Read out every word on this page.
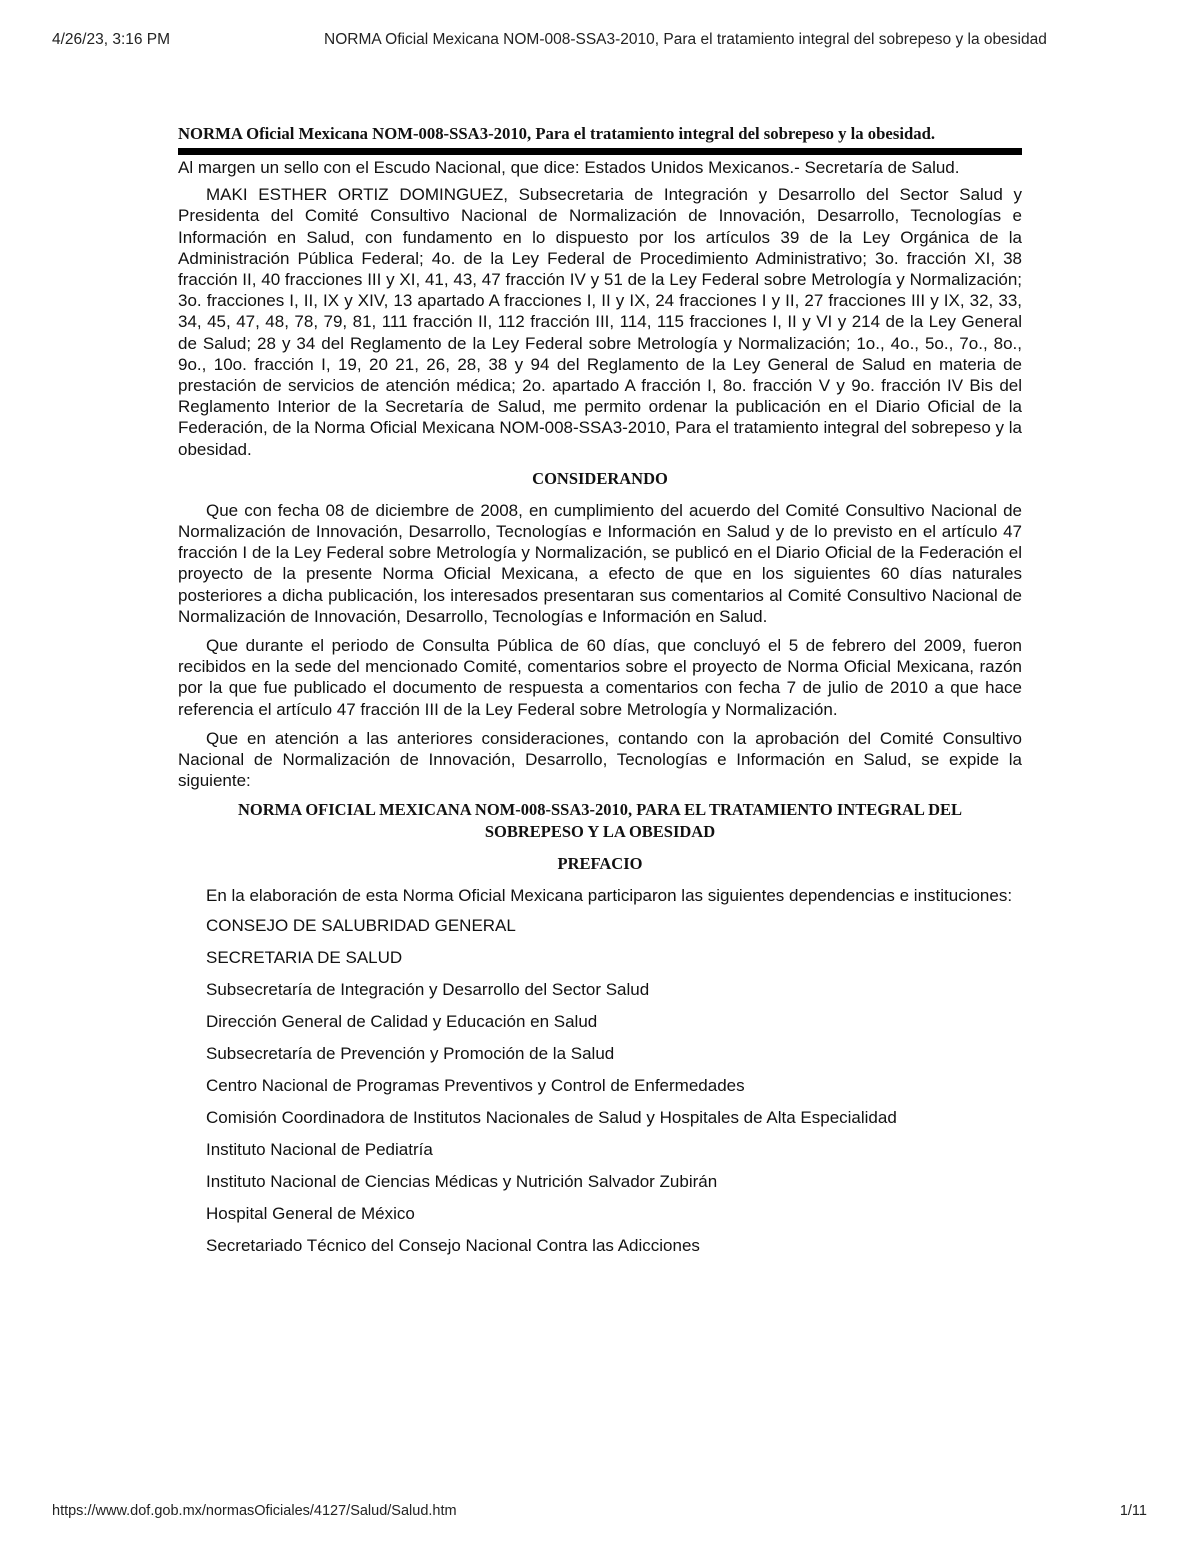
4/26/23, 3:16 PM	NORMA Oficial Mexicana NOM-008-SSA3-2010, Para el tratamiento integral del sobrepeso y la obesidad
NORMA Oficial Mexicana NOM-008-SSA3-2010, Para el tratamiento integral del sobrepeso y la obesidad.

Al margen un sello con el Escudo Nacional, que dice: Estados Unidos Mexicanos.- Secretaría de Salud.

MAKI ESTHER ORTIZ DOMINGUEZ, Subsecretaria de Integración y Desarrollo del Sector Salud y Presidenta del Comité Consultivo Nacional de Normalización de Innovación, Desarrollo, Tecnologías e Información en Salud, con fundamento en lo dispuesto por los artículos 39 de la Ley Orgánica de la Administración Pública Federal; 4o. de la Ley Federal de Procedimiento Administrativo; 3o. fracción XI, 38 fracción II, 40 fracciones III y XI, 41, 43, 47 fracción IV y 51 de la Ley Federal sobre Metrología y Normalización; 3o. fracciones I, II, IX y XIV, 13 apartado A fracciones I, II y IX, 24 fracciones I y II, 27 fracciones III y IX, 32, 33, 34, 45, 47, 48, 78, 79, 81, 111 fracción II, 112 fracción III, 114, 115 fracciones I, II y VI y 214 de la Ley General de Salud; 28 y 34 del Reglamento de la Ley Federal sobre Metrología y Normalización; 1o., 4o., 5o., 7o., 8o., 9o., 10o. fracción I, 19, 20 21, 26, 28, 38 y 94 del Reglamento de la Ley General de Salud en materia de prestación de servicios de atención médica; 2o. apartado A fracción I, 8o. fracción V y 9o. fracción IV Bis del Reglamento Interior de la Secretaría de Salud, me permito ordenar la publicación en el Diario Oficial de la Federación, de la Norma Oficial Mexicana NOM-008-SSA3-2010, Para el tratamiento integral del sobrepeso y la obesidad.

CONSIDERANDO

Que con fecha 08 de diciembre de 2008, en cumplimiento del acuerdo del Comité Consultivo Nacional de Normalización de Innovación, Desarrollo, Tecnologías e Información en Salud y de lo previsto en el artículo 47 fracción I de la Ley Federal sobre Metrología y Normalización, se publicó en el Diario Oficial de la Federación el proyecto de la presente Norma Oficial Mexicana, a efecto de que en los siguientes 60 días naturales posteriores a dicha publicación, los interesados presentaran sus comentarios al Comité Consultivo Nacional de Normalización de Innovación, Desarrollo, Tecnologías e Información en Salud.

Que durante el periodo de Consulta Pública de 60 días, que concluyó el 5 de febrero del 2009, fueron recibidos en la sede del mencionado Comité, comentarios sobre el proyecto de Norma Oficial Mexicana, razón por la que fue publicado el documento de respuesta a comentarios con fecha 7 de julio de 2010 a que hace referencia el artículo 47 fracción III de la Ley Federal sobre Metrología y Normalización.

Que en atención a las anteriores consideraciones, contando con la aprobación del Comité Consultivo Nacional de Normalización de Innovación, Desarrollo, Tecnologías e Información en Salud, se expide la siguiente:

NORMA OFICIAL MEXICANA NOM-008-SSA3-2010, PARA EL TRATAMIENTO INTEGRAL DEL
SOBREPESO Y LA OBESIDAD
PREFACIO

En la elaboración de esta Norma Oficial Mexicana participaron las siguientes dependencias e instituciones:

CONSEJO DE SALUBRIDAD GENERAL
SECRETARIA DE SALUD
Subsecretaría de Integración y Desarrollo del Sector Salud
Dirección General de Calidad y Educación en Salud
Subsecretaría de Prevención y Promoción de la Salud
Centro Nacional de Programas Preventivos y Control de Enfermedades
Comisión Coordinadora de Institutos Nacionales de Salud y Hospitales de Alta Especialidad
Instituto Nacional de Pediatría
Instituto Nacional de Ciencias Médicas y Nutrición Salvador Zubirán
Hospital General de México
Secretariado Técnico del Consejo Nacional Contra las Adicciones
https://www.dof.gob.mx/normasOficiales/4127/Salud/Salud.htm	1/11
